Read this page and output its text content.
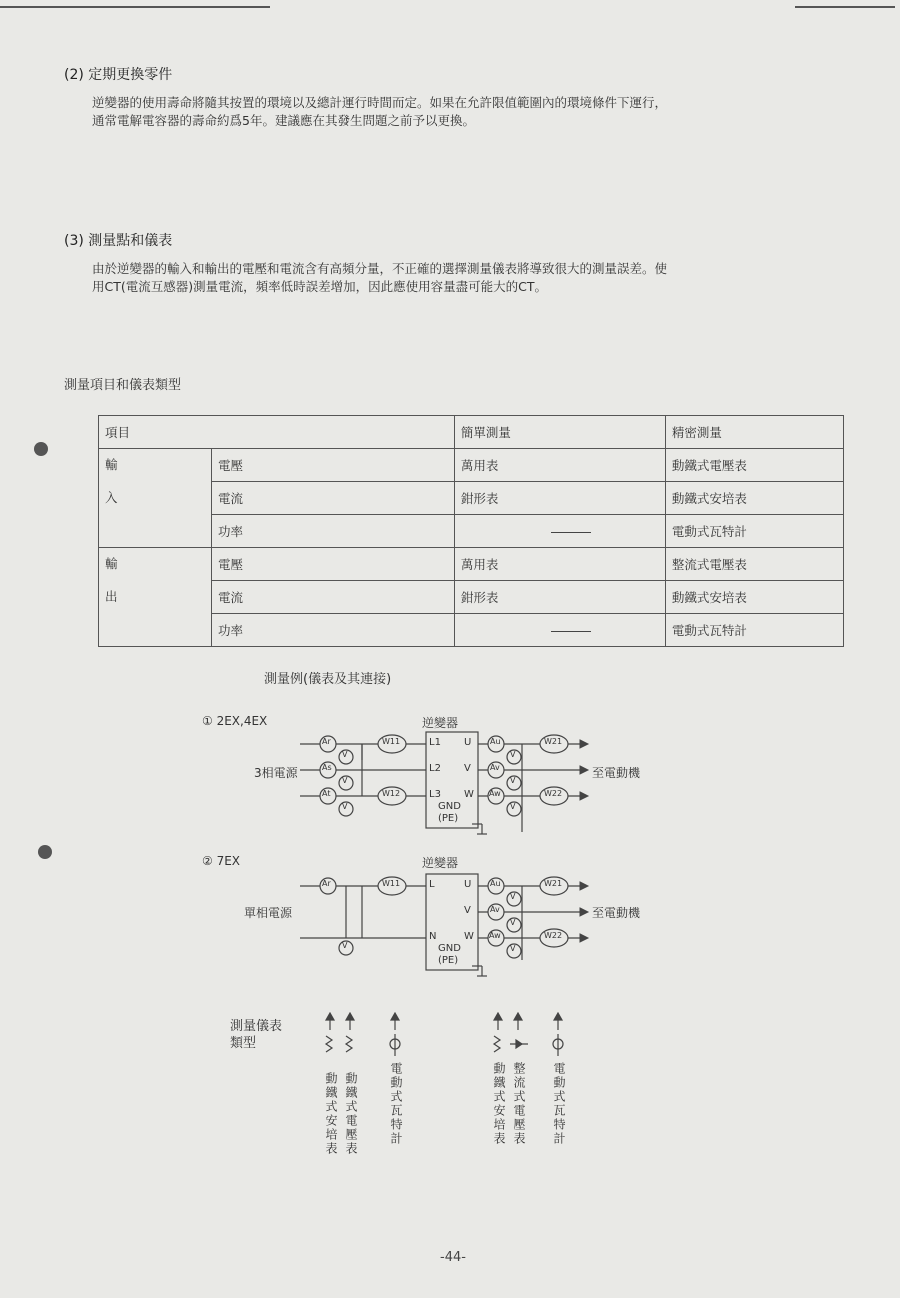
(2) 定期更換零件

逆變器的使用壽命將隨其按置的環境以及總計運行時間而定。如果在允許限值範圍內的環境條件下運行，

通常電解電容器的壽命約爲5年。建議應在其發生問題之前予以更換。

(3) 測量點和儀表

由於逆變器的輸入和輸出的電壓和電流含有高頻分量，不正確的選擇測量儀表將導致很大的測量誤差。使

用CT(電流互感器)測量電流，頻率低時誤差增加，因此應使用容量盡可能大的CT。

測量項目和儀表類型
項目		簡單測量	精密測量
輸

入	電壓	萬用表	動鐵式電壓表
	電流	鉗形表	動鐵式安培表
	功率		電動式瓦特計
輸

出	電壓	萬用表	整流式電壓表
	電流	鉗形表	動鐵式安培表
	功率		電動式瓦特計
測量例(儀表及其連接)
① 2EX,4EX	逆變器
3相電源	至電動機
Ar
As
At
V
V
V
W11
W12
L1
L2
L3
U
V
W
GND
(PE)
Au
Av
Aw
V
V
V
W21
W22
② 7EX	逆變器
單相電源	至電動機
Ar
V
W11	L
N
U
V
W
GND
(PE)
Au
Av
Aw
V
V
V
W21
W22
測量儀表
類型
動鐵式安培表 動鐵式電壓表	電動式瓦特計	動鐵式安培表 整流式電壓表 電動式瓦特計
-44-
